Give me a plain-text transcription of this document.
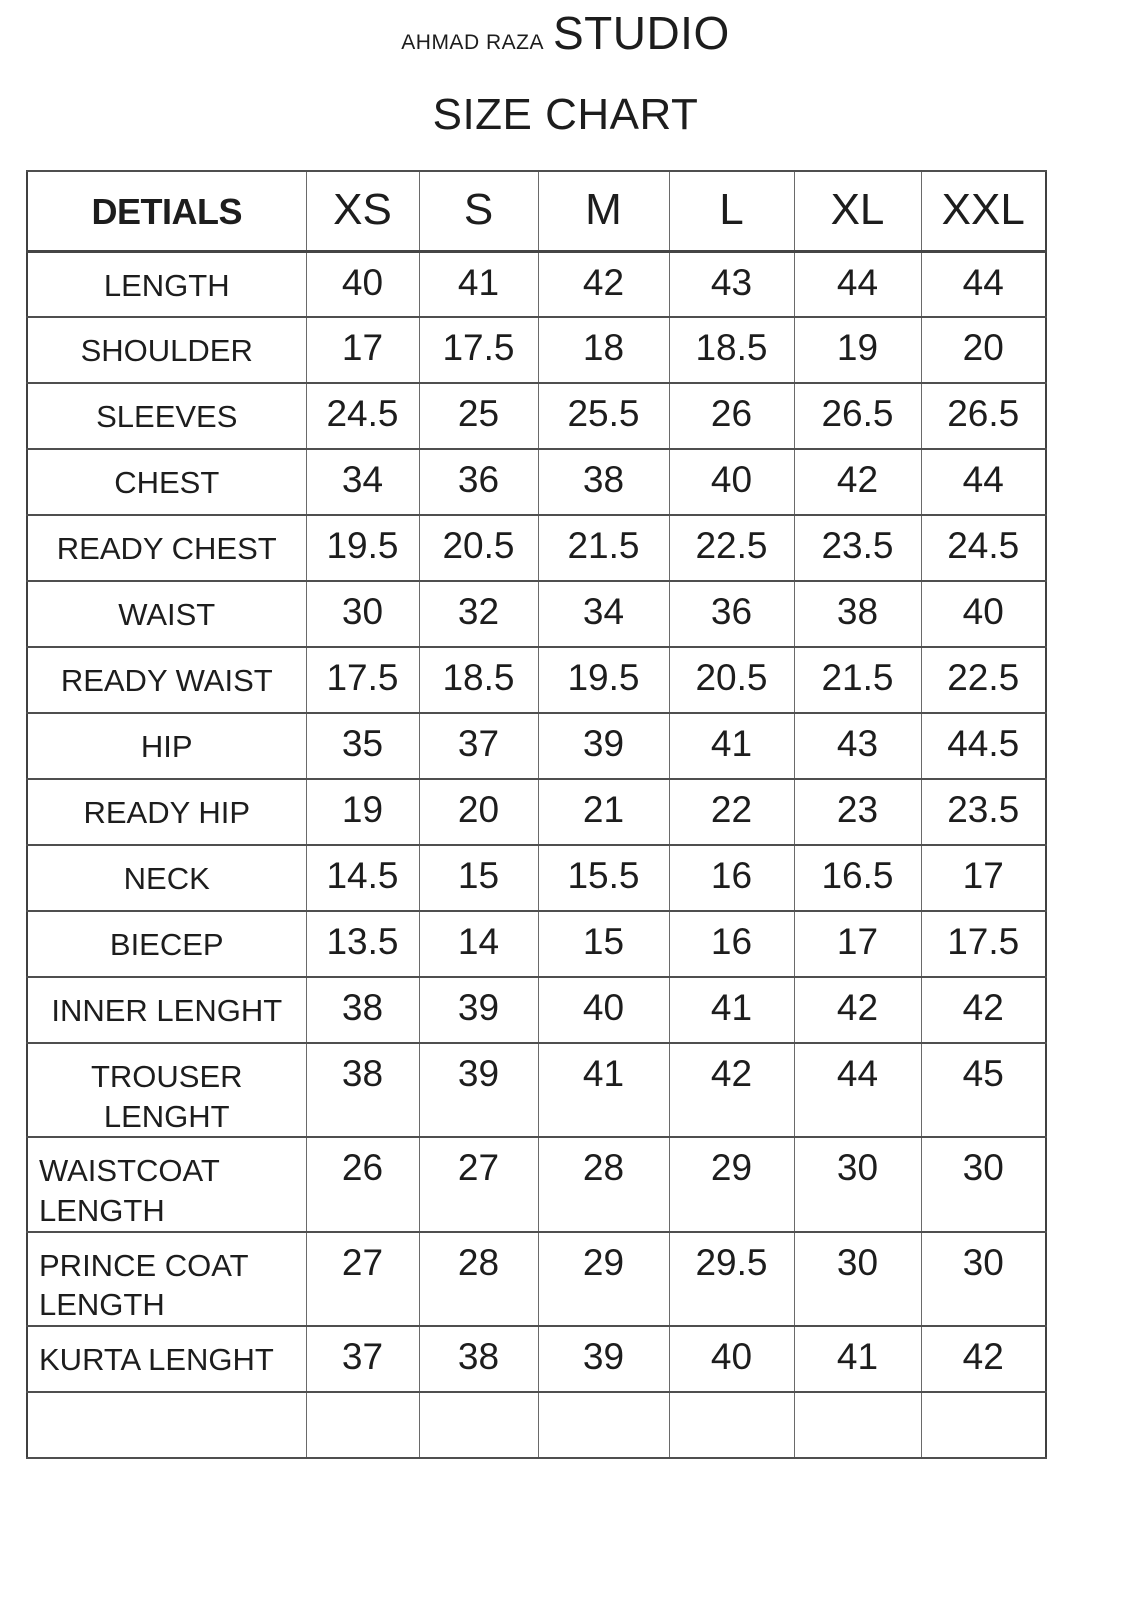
AHMAD RAZA STUDIO
SIZE CHART
DETIALS	XS	S	M	L	XL	XXL
LENGTH	40	41	42	43	44	44
SHOULDER	17	17.5	18	18.5	19	20
SLEEVES	24.5	25	25.5	26	26.5	26.5
CHEST	34	36	38	40	42	44
READY CHEST	19.5	20.5	21.5	22.5	23.5	24.5
WAIST	30	32	34	36	38	40
READY WAIST	17.5	18.5	19.5	20.5	21.5	22.5
HIP	35	37	39	41	43	44.5
READY HIP	19	20	21	22	23	23.5
NECK	14.5	15	15.5	16	16.5	17
BIECEP	13.5	14	15	16	17	17.5
INNER LENGHT	38	39	40	41	42	42
TROUSER LENGHT	38	39	41	42	44	45
WAISTCOAT LENGTH	26	27	28	29	30	30
PRINCE COAT LENGTH	27	28	29	29.5	30	30
KURTA LENGHT	37	38	39	40	41	42
